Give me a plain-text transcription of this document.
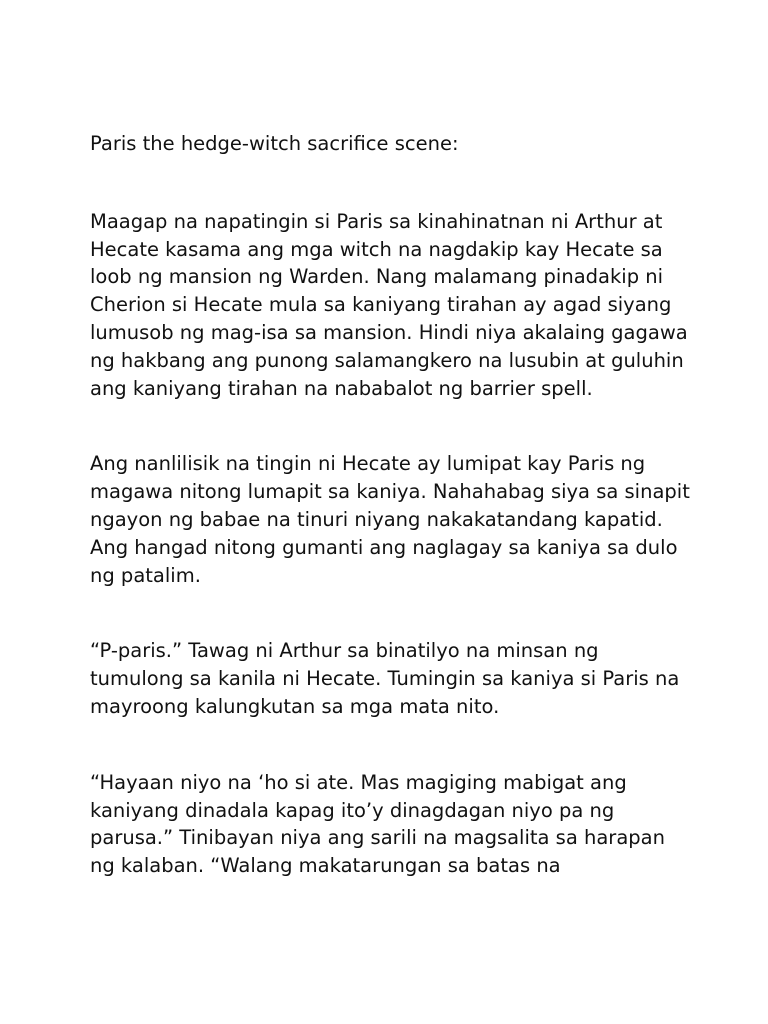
Paris the hedge-witch sacrifice scene:

Maagap na napatingin si Paris sa kinahinatnan ni Arthur at Hecate kasama ang mga witch na nagdakip kay Hecate sa loob ng mansion ng Warden. Nang malamang pinadakip ni Cherion si Hecate mula sa kaniyang tirahan ay agad siyang lumusob ng mag-isa sa mansion. Hindi niya akalaing gagawa ng hakbang ang punong salamangkero na lusubin at guluhin ang kaniyang tirahan na nababalot ng barrier spell.

Ang nanlilisik na tingin ni Hecate ay lumipat kay Paris ng magawa nitong lumapit sa kaniya. Nahahabag siya sa sinapit ngayon ng babae na tinuri niyang nakakatandang kapatid. Ang hangad nitong gumanti ang naglagay sa kaniya sa dulo ng patalim.

“P-paris.” Tawag ni Arthur sa binatilyo na minsan ng tumulong sa kanila ni Hecate. Tumingin sa kaniya si Paris na mayroong kalungkutan sa mga mata nito.

“Hayaan niyo na ‘ho si ate. Mas magiging mabigat ang kaniyang dinadala kapag ito’y dinagdagan niyo pa ng parusa.” Tinibayan niya ang sarili na magsalita sa harapan ng kalaban. “Walang makatarungan sa batas na
